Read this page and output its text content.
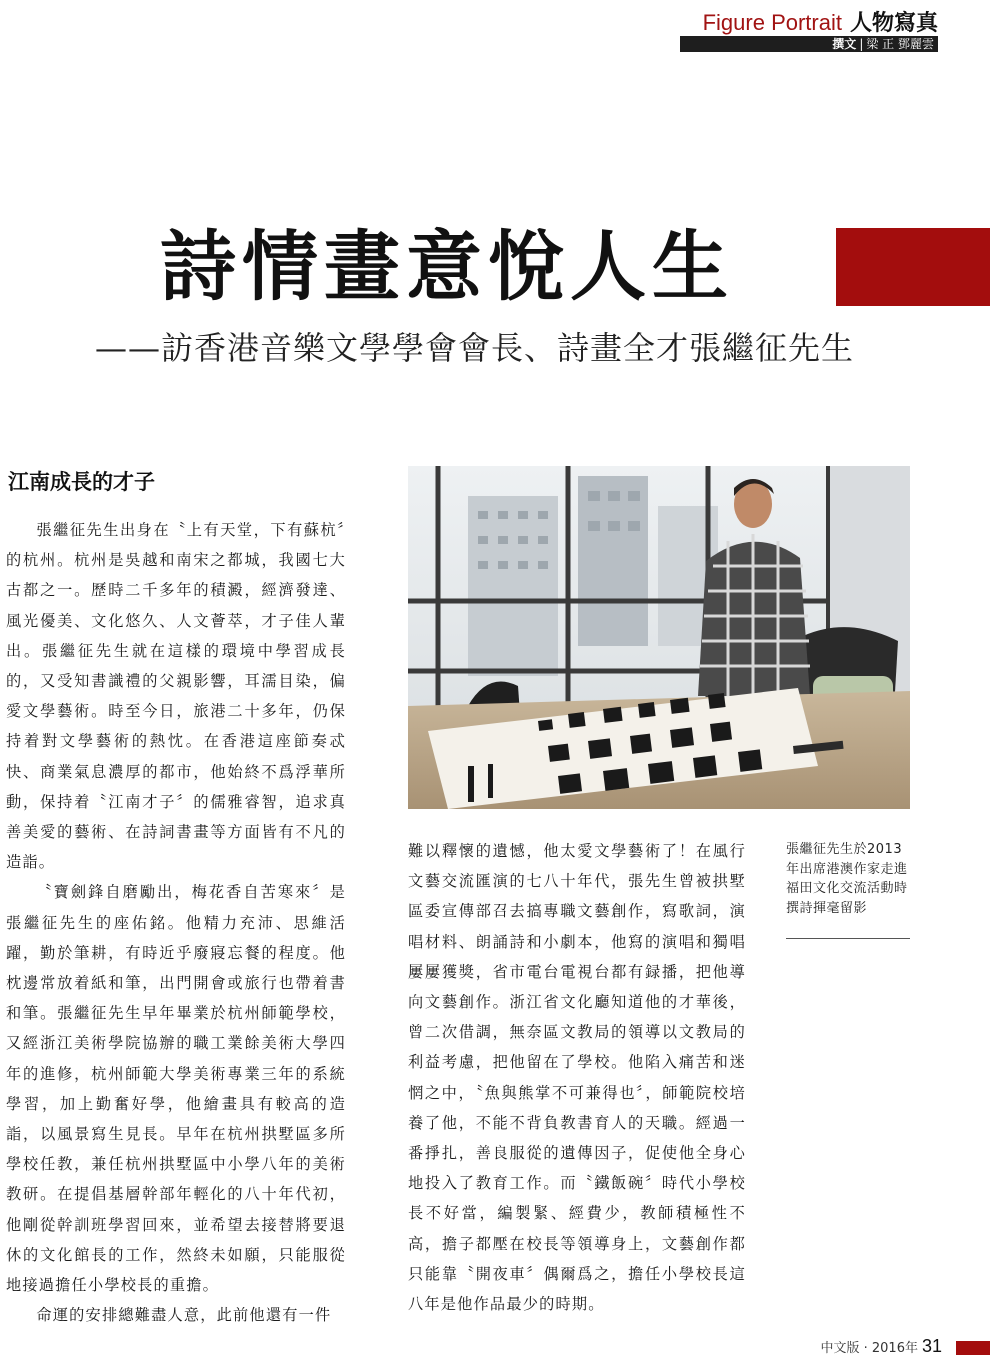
Figure Portrait 人物寫真
撰文 | 梁 正 鄧麗雲
詩情畫意悅人生
——訪香港音樂文學學會會長、詩畫全才張繼征先生
江南成長的才子

張繼征先生出身在〝上有天堂，下有蘇杭〞的杭州。杭州是吳越和南宋之都城，我國七大古都之一。歷時二千多年的積澱，經濟發達、風光優美、文化悠久、人文薈萃，才子佳人輩出。張繼征先生就在這樣的環境中學習成長的，又受知書識禮的父親影響，耳濡目染，偏愛文學藝術。時至今日，旅港二十多年，仍保持着對文學藝術的熱忱。在香港這座節奏忒快、商業氣息濃厚的都市，他始終不爲浮華所動，保持着〝江南才子〞的儒雅睿智，追求真善美愛的藝術、在詩詞書畫等方面皆有不凡的造詣。

〝寶劍鋒自磨勵出，梅花香自苦寒來〞是張繼征先生的座佑銘。他精力充沛、思維活躍，勤於筆耕，有時近乎廢寢忘餐的程度。他枕邊常放着紙和筆，出門開會或旅行也帶着書和筆。張繼征先生早年畢業於杭州師範學校，又經浙江美術學院協辦的職工業餘美術大學四年的進修，杭州師範大學美術專業三年的系統學習，加上勤奮好學，他繪畫具有較高的造詣，以風景寫生見長。早年在杭州拱墅區多所學校任教，兼任杭州拱墅區中小學八年的美術教研。在提倡基層幹部年輕化的八十年代初，他剛從幹訓班學習回來，並希望去接替將要退休的文化館長的工作，然終未如願，只能服從地接過擔任小學校長的重擔。

命運的安排總難盡人意，此前他還有一件

難以釋懷的遺憾，他太愛文學藝術了！在風行文藝交流匯演的七八十年代，張先生曾被拱墅區委宣傳部召去搞專職文藝創作，寫歌詞，演唱材料、朗誦詩和小劇本，他寫的演唱和獨唱屢屢獲獎，省市電台電視台都有録播，把他導向文藝創作。浙江省文化廳知道他的才華後，曾二次借調，無奈區文教局的領導以文教局的利益考慮，把他留在了學校。他陷入痛苦和迷惘之中，〝魚與熊掌不可兼得也〞，師範院校培養了他，不能不背負教書育人的天職。經過一番掙扎，善良服從的遺傳因子，促使他全身心地投入了教育工作。而〝鐵飯碗〞時代小學校長不好當，編製緊、經費少，教師積極性不高，擔子都壓在校長等領導身上，文藝創作都只能靠〝開夜車〞偶爾爲之，擔任小學校長這八年是他作品最少的時期。

張繼征先生於2013年出席港澳作家走進福田文化交流活動時撰詩揮毫留影
中文版 · 2016年 31
